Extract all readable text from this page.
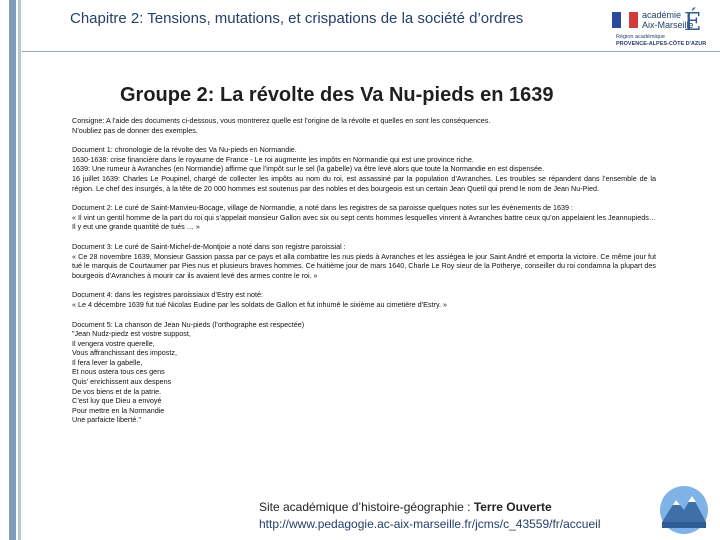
Chapitre 2: Tensions, mutations, et crispations de la société d’ordres	académie
Aix-Marseille
É
Région académique
PROVENCE-ALPES-CÔTE D'AZUR
Groupe 2: La révolte des Va Nu-pieds en 1639

Consigne: A l’aide des documents ci-dessous, vous montrerez quelle est l’origine de la révolte et quelles en sont les conséquences.
N’oubliez pas de donner des exemples.

Document 1: chronologie de la révolte des Va Nu-pieds en Normandie.
1630-1638: crise financière dans le royaume de France - Le roi augmente les impôts en Normandie qui est une province riche.
1639: Une rumeur à Avranches (en Normandie) affirme que l’impôt sur le sel (la gabelle) va être levé alors que toute la Normandie en est dispensée.
16 juillet 1639: Charles Le Poupinel, chargé de collecter les impôts au nom du roi, est assassiné par la population d’Avranches. Les troubles se répandent dans l’ensemble de la région. Le chef des insurgés, à la tête de 20 000 hommes est soutenus par des nobles et des bourgeois est un certain Jean Quetil qui prend le nom de Jean Nu-Pied.

Document 2: Le curé de Saint-Manvieu-Bocage, village de Normandie, a noté dans les registres de sa paroisse quelques notes sur les évènements de 1639 :
« Il vint un gentil homme de la part du roi qui s’appelait monsieur Gallon avec six ou sept cents hommes lesquelles vinrent à Avranches battre ceux qu’on appelaient les Jeannupieds… Il y eut une grande quantité de tués … »

Document 3: Le curé de Saint-Michel-de-Montjoie a noté dans son registre paroissial :
« Ce 28 novembre 1639, Monsieur Gassion passa par ce pays et alla combattre les nus pieds à Avranches et les assiégea le jour Saint André et emporta la victoire. Ce même jour fut tué le marquis de Courtaumer par Pies nus et plusieurs braves hommes. Ce huitième jour de mars 1640, Charle Le Roy sieur de la Potherye, conseiller du roi condamna la plupart des bourgeois d’Avranches à mourir car ils avaient levé des armes contre le roi. »

Document 4: dans les registres paroissiaux d’Estry est noté:
« Le 4 décembre 1639 fut tué Nicolas Eudine par les soldats de Gallon et fut inhumé le sixième au cimetière d’Estry. »

Document 5: La chanson de Jean Nu-pieds (l’orthographe est respectée)
"Jean Nudz-piedz est vostre suppost,
Il vengera vostre querelle,
Vous affranchissant des impostz,
Il fera lever la gabelle,
Et nous ostera tous ces gens
Quis’ enrichissent aux despens
De vos biens et de la patrie.
C’est luy que Dieu a envoyé
Pour mettre en la Normandie
Une parfaicte liberté."
Site académique d’histoire-géographie : Terre Ouverte
http://www.pedagogie.ac-aix-marseille.fr/jcms/c_43559/fr/accueil
